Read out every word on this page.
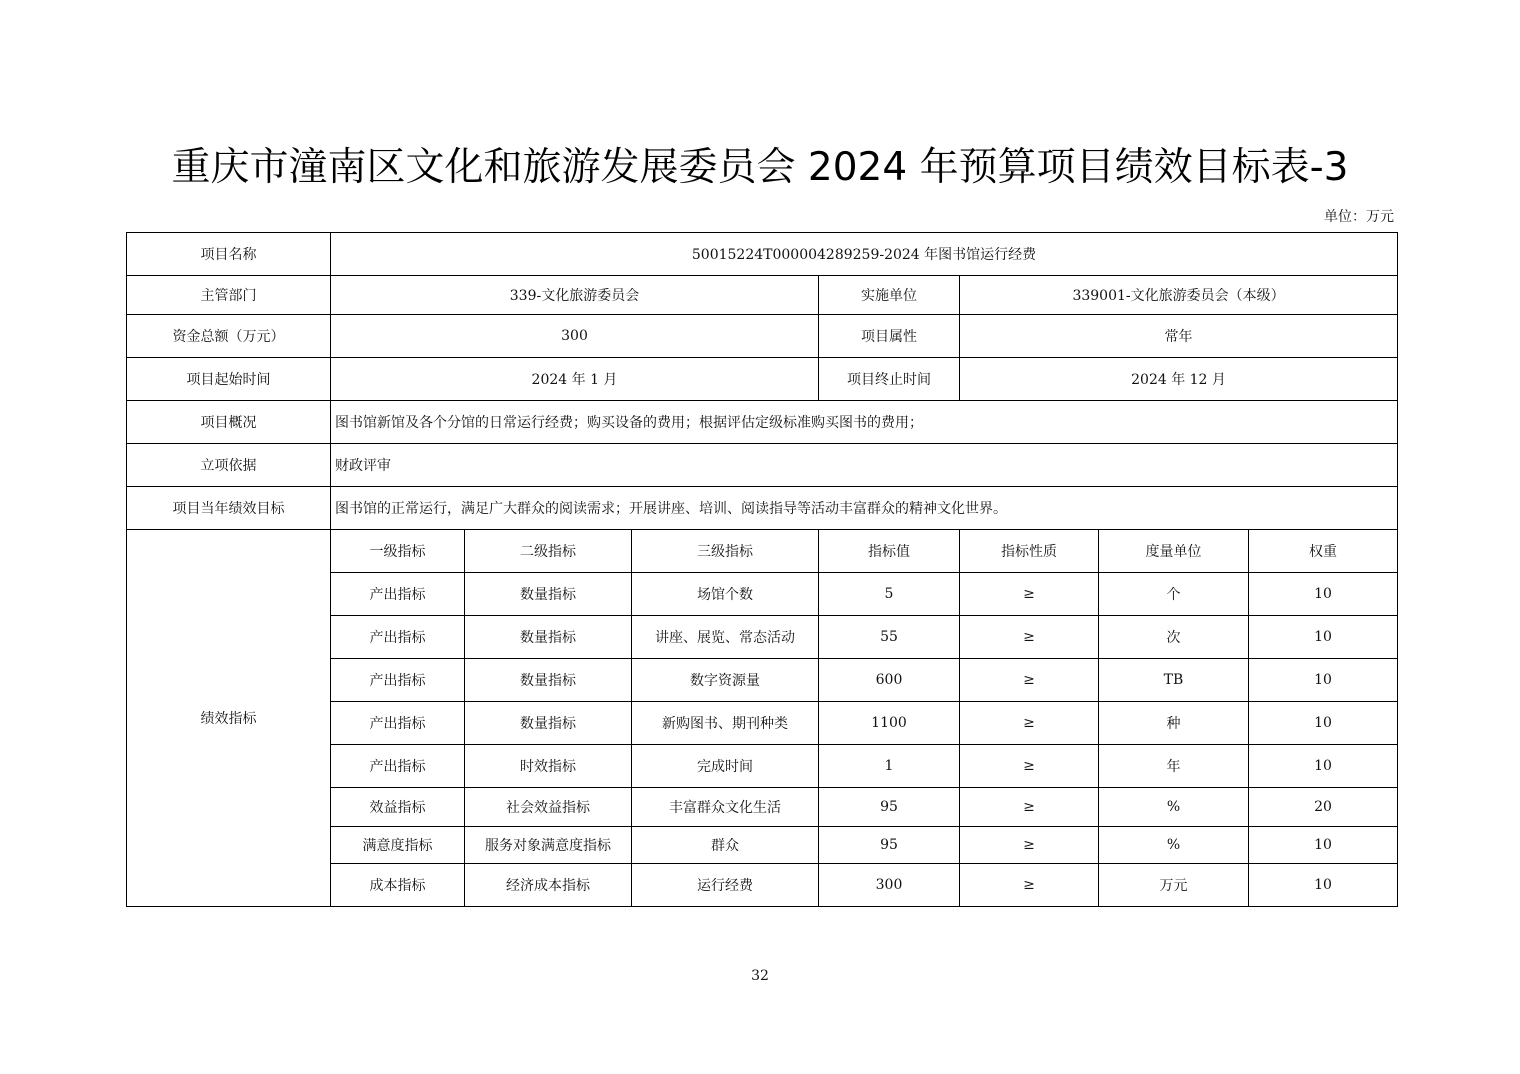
重庆市潼南区文化和旅游发展委员会 2024 年预算项目绩效目标表-3
单位：万元
项目名称	50015224T000004289259-2024 年图书馆运行经费						
主管部门	339-文化旅游委员会			实施单位	339001-文化旅游委员会（本级）		
资金总额（万元）	300			项目属性	常年		
项目起始时间	2024 年 1 月			项目终止时间	2024 年 12 月		
项目概况	图书馆新馆及各个分馆的日常运行经费；购买设备的费用；根据评估定级标准购买图书的费用；						
立项依据	财政评审						
项目当年绩效目标	图书馆的正常运行，满足广大群众的阅读需求；开展讲座、培训、阅读指导等活动丰富群众的精神文化世界。						
绩效指标	一级指标	二级指标	三级指标	指标值	指标性质	度量单位	权重
	产出指标	数量指标	场馆个数	5	≥	个	10
	产出指标	数量指标	讲座、展览、常态活动	55	≥	次	10
	产出指标	数量指标	数字资源量	600	≥	TB	10
	产出指标	数量指标	新购图书、期刊种类	1100	≥	种	10
	产出指标	时效指标	完成时间	1	≥	年	10
	效益指标	社会效益指标	丰富群众文化生活	95	≥	%	20
	满意度指标	服务对象满意度指标	群众	95	≥	%	10
	成本指标	经济成本指标	运行经费	300	≥	万元	10
32
